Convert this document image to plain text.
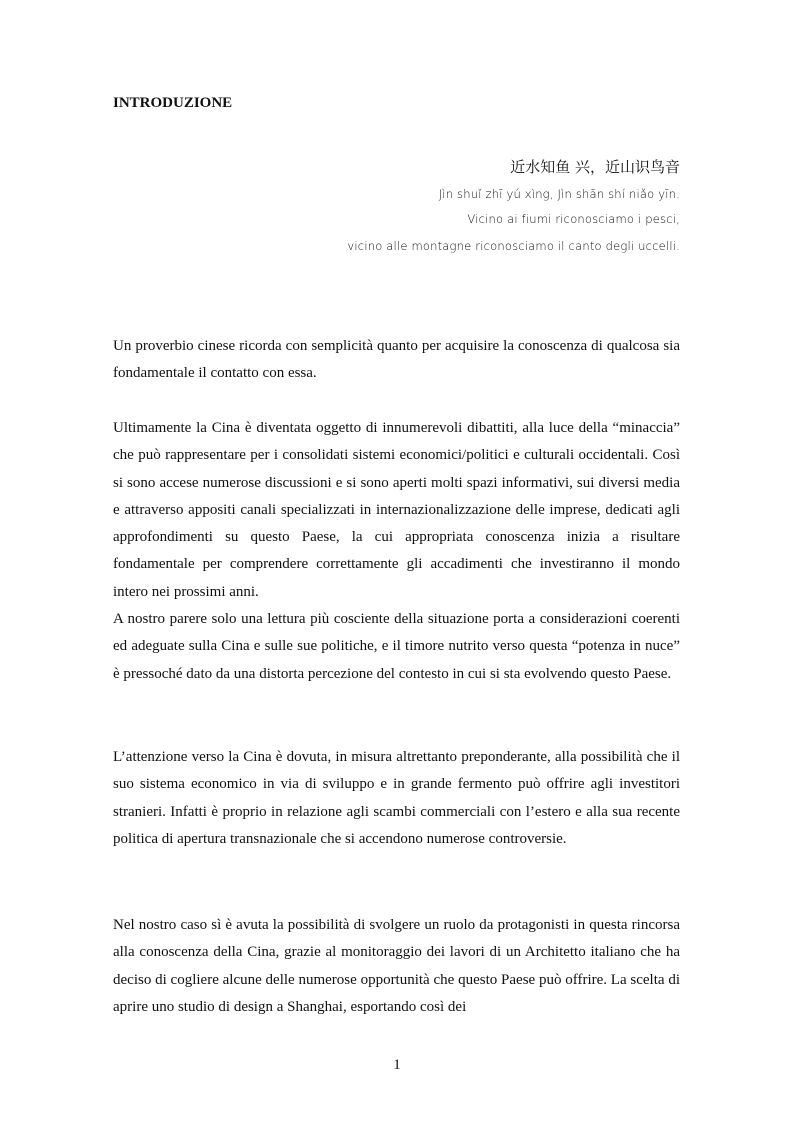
INTRODUZIONE
近水知鱼 兴，近山识鸟音
Jìn shuǐ zhī yú xìng, Jìn shān shí niǎo yīn.
Vicino ai fiumi riconosciamo i pesci,
vicino alle montagne riconosciamo il canto degli uccelli.

Un proverbio cinese ricorda con semplicità quanto per acquisire la conoscenza di qualcosa sia fondamentale il contatto con essa.

Ultimamente la Cina è diventata oggetto di innumerevoli dibattiti, alla luce della “minaccia” che può rappresentare per i consolidati sistemi economici/politici e culturali occidentali. Così si sono accese numerose discussioni e si sono aperti molti spazi informativi, sui diversi media e attraverso appositi canali specializzati in internazionalizzazione delle imprese, dedicati agli approfondimenti su questo Paese, la cui appropriata conoscenza inizia a risultare fondamentale per comprendere correttamente gli accadimenti che investiranno il mondo intero nei prossimi anni.

A nostro parere solo una lettura più cosciente della situazione porta a considerazioni coerenti ed adeguate sulla Cina e sulle sue politiche, e il timore nutrito verso questa “potenza in nuce” è pressoché dato da una distorta percezione del contesto in cui si sta evolvendo questo Paese.

L’attenzione verso la Cina è dovuta, in misura altrettanto preponderante, alla possibilità che il suo sistema economico in via di sviluppo e in grande fermento può offrire agli investitori stranieri. Infatti è proprio in relazione agli scambi commerciali con l’estero e alla sua recente politica di apertura transnazionale che si accendono numerose controversie.

Nel nostro caso sì è avuta la possibilità di svolgere un ruolo da protagonisti in questa rincorsa alla conoscenza della Cina, grazie al monitoraggio dei lavori di un Architetto italiano che ha deciso di cogliere alcune delle numerose opportunità che questo Paese può offrire. La scelta di aprire uno studio di design a Shanghai, esportando così dei

1
